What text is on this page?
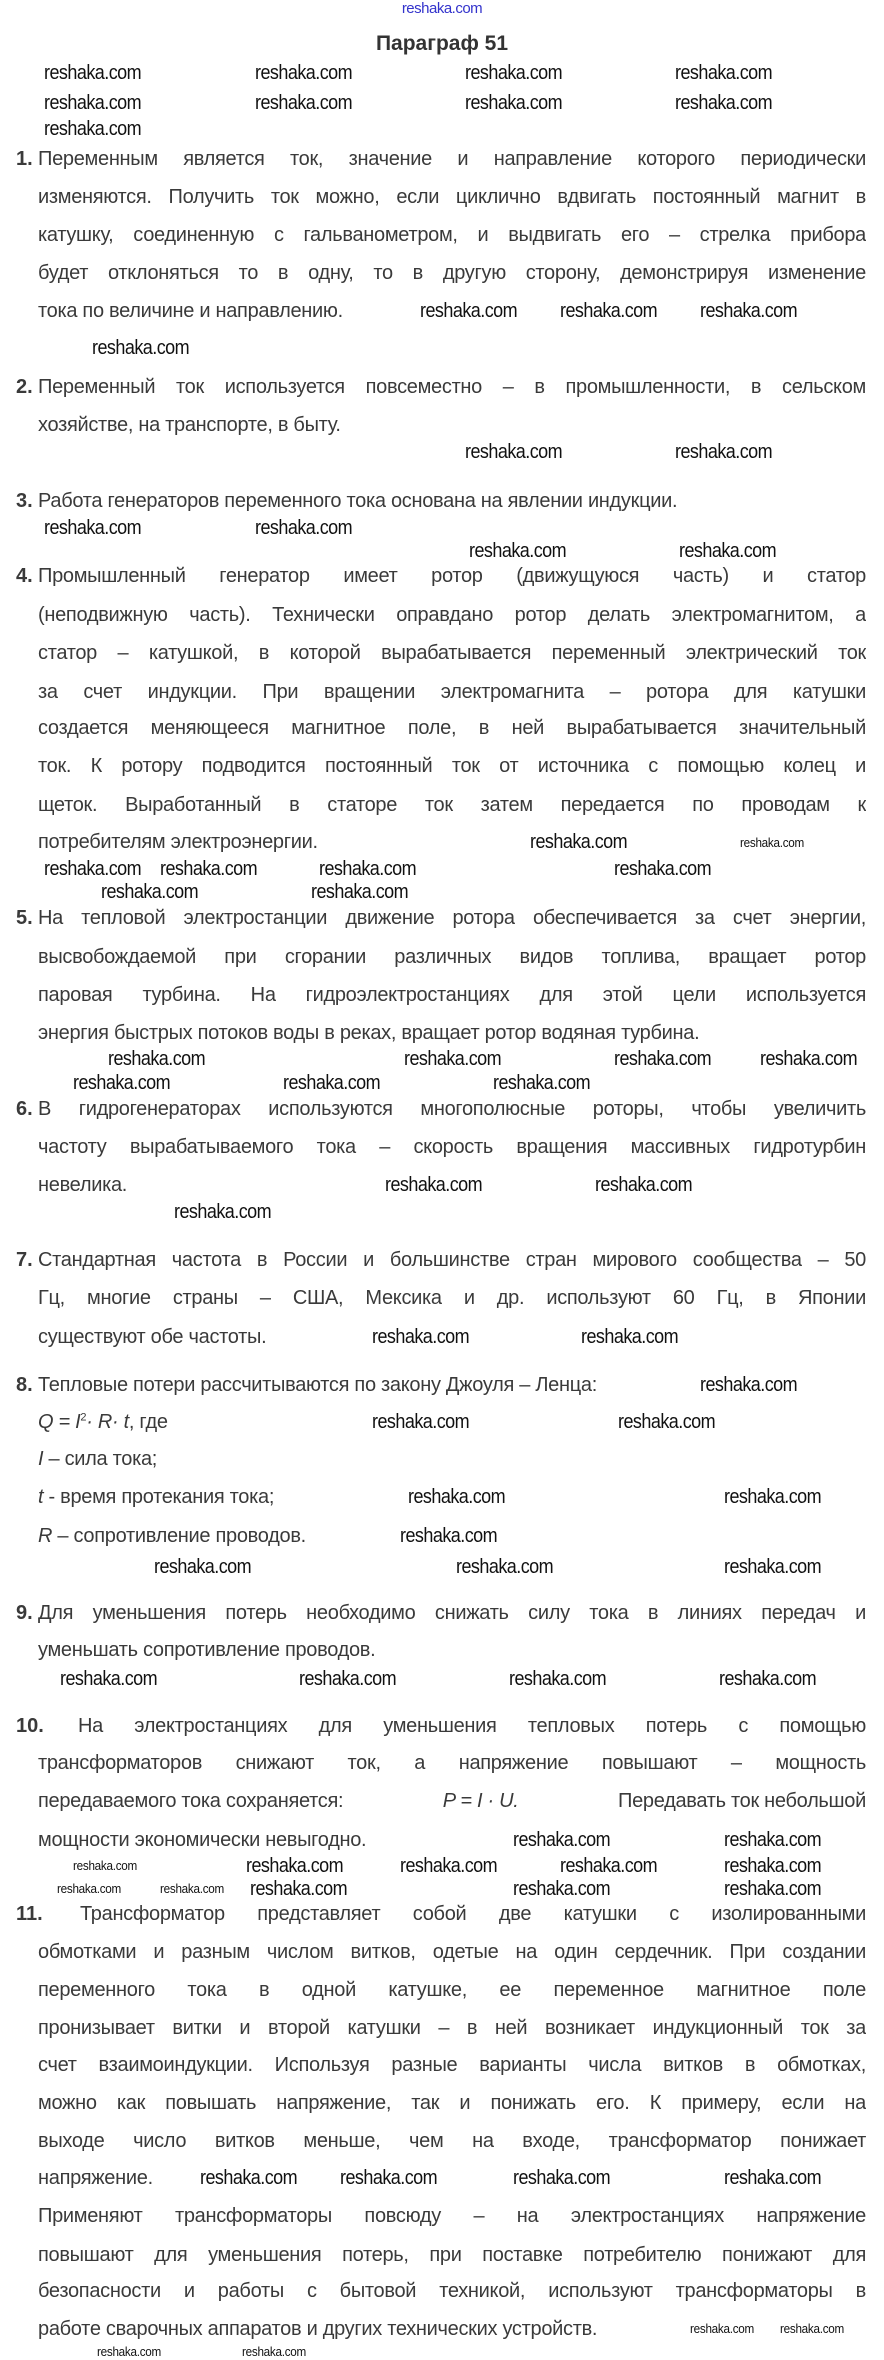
reshaka.com
Параграф 51
1. Переменным является ток, значение и направление которого периодически
изменяются. Получить ток можно, если циклично вдвигать постоянный магнит в
катушку, соединенную с гальванометром, и выдвигать его – стрелка прибора
будет отклоняться то в одну, то в другую сторону, демонстрируя изменение
тока по величине и направлению.
2. Переменный ток используется повсеместно – в промышленности, в сельском
хозяйстве, на транспорте, в быту.
3. Работа генераторов переменного тока основана на явлении индукции.
4. Промышленный генератор имеет ротор (движущуюся часть) и статор
(неподвижную часть). Технически оправдано ротор делать электромагнитом, а
статор – катушкой, в которой вырабатывается переменный электрический ток
за счет индукции. При вращении электромагнита – ротора для катушки
создается меняющееся магнитное поле, в ней вырабатывается значительный
ток. К ротору подводится постоянный ток от источника с помощью колец и
щеток. Выработанный в статоре ток затем передается по проводам к
потребителям электроэнергии.
5. На тепловой электростанции движение ротора обеспечивается за счет энергии,
высвобождаемой при сгорании различных видов топлива, вращает ротор
паровая турбина. На гидроэлектростанциях для этой цели используется
энергия быстрых потоков воды в реках, вращает ротор водяная турбина.
6. В гидрогенераторах используются многополюсные роторы, чтобы увеличить
частоту вырабатываемого тока – скорость вращения массивных гидротурбин
невелика.
7. Стандартная частота в России и большинстве стран мирового сообщества – 50
Гц, многие страны – США, Мексика и др. используют 60 Гц, в Японии
существуют обе частоты.
8. Тепловые потери рассчитываются по закону Джоуля – Ленца:
$Q = I^2\cdot R\cdot t$, где
I – сила тока;
t - время протекания тока;
R – сопротивление проводов.
9. Для уменьшения потерь необходимо снижать силу тока в линиях передач и
уменьшать сопротивление проводов.
10. На электростанциях для уменьшения тепловых потерь с помощью
трансформаторов снижают ток, а напряжение повышают – мощность
передаваемого тока сохраняется:	P = I · U.	Передавать ток небольшой
мощности экономически невыгодно.
11. Трансформатор представляет собой две катушки с изолированными
обмотками и разным числом витков, одетые на один сердечник. При создании
переменного тока в одной катушке, ее переменное магнитное поле
пронизывает витки и второй катушки – в ней возникает индукционный ток за
счет взаимоиндукции. Используя разные варианты числа витков в обмотках,
можно как повышать напряжение, так и понижать его. К примеру, если на
выходе число витков меньше, чем на входе, трансформатор понижает
напряжение.
Применяют трансформаторы повсюду – на электростанциях напряжение
повышают для уменьшения потерь, при поставке потребителю понижают для
безопасности и работы с бытовой техникой, используют трансформаторы в
работе сварочных аппаратов и других технических устройств.
reshaka.com	reshaka.com	reshaka.com	reshaka.com
reshaka.com	reshaka.com	reshaka.com	reshaka.com
reshaka.com
reshaka.com reshaka.com reshaka.com
reshaka.com
reshaka.com	reshaka.com
reshaka.com	reshaka.com
reshaka.com	reshaka.com
reshaka.com reshaka.com	reshaka.com
reshaka.com	reshaka.com
reshaka.com	reshaka.com
reshaka.com
reshaka.com	reshaka.com
reshaka.com	reshaka.com
reshaka.com	reshaka.com	reshaka.com
reshaka.com	reshaka.com
reshaka.com
reshaka.com	reshaka.com
reshaka.com
reshaka.com	reshaka.com
reshaka.com
reshaka.com	reshaka.com
reshaka.com	reshaka.com	reshaka.com
reshaka.com	reshaka.com	reshaka.com	reshaka.com
reshaka.com	reshaka.com
reshaka.com	reshaka.com
reshaka.com	reshaka.com
reshaka.com
reshaka.com
reshaka.com reshaka.com	reshaka.com	reshaka.com
reshaka.com	reshaka.com	reshaka.com
reshaka.com
reshaka.com	reshaka.com
reshaka.com reshaka.com
